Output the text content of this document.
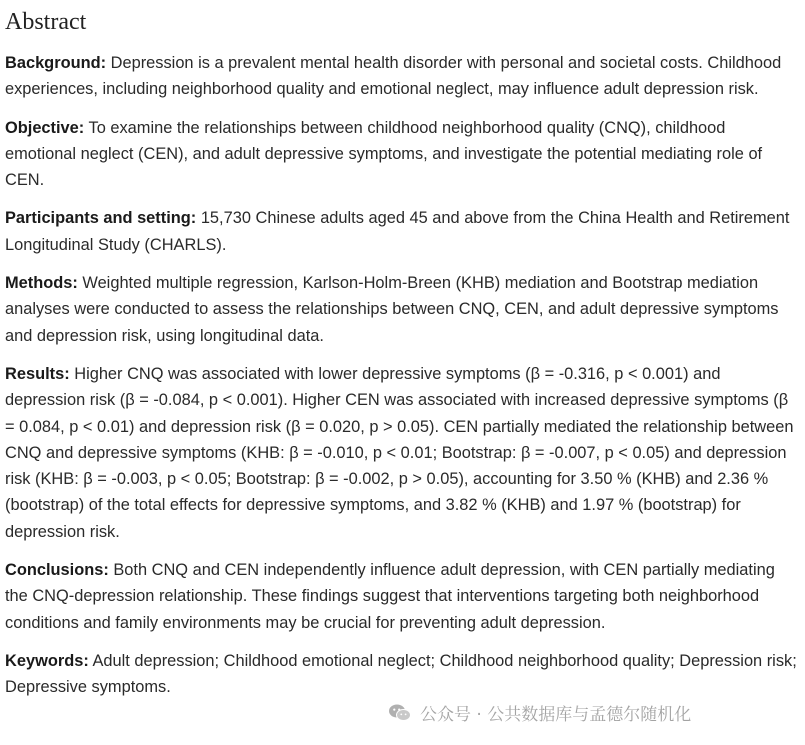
Abstract

Background: Depression is a prevalent mental health disorder with personal and societal costs. Childhood experiences, including neighborhood quality and emotional neglect, may influence adult depression risk.

Objective: To examine the relationships between childhood neighborhood quality (CNQ), childhood emotional neglect (CEN), and adult depressive symptoms, and investigate the potential mediating role of CEN.

Participants and setting: 15,730 Chinese adults aged 45 and above from the China Health and Retirement Longitudinal Study (CHARLS).

Methods: Weighted multiple regression, Karlson-Holm-Breen (KHB) mediation and Bootstrap mediation analyses were conducted to assess the relationships between CNQ, CEN, and adult depressive symptoms and depression risk, using longitudinal data.

Results: Higher CNQ was associated with lower depressive symptoms (β = -0.316, p < 0.001) and depression risk (β = -0.084, p < 0.001). Higher CEN was associated with increased depressive symptoms (β = 0.084, p < 0.01) and depression risk (β = 0.020, p > 0.05). CEN partially mediated the relationship between CNQ and depressive symptoms (KHB: β = -0.010, p < 0.01; Bootstrap: β = -0.007, p < 0.05) and depression risk (KHB: β = -0.003, p < 0.05; Bootstrap: β = -0.002, p > 0.05), accounting for 3.50 % (KHB) and 2.36 % (bootstrap) of the total effects for depressive symptoms, and 3.82 % (KHB) and 1.97 % (bootstrap) for depression risk.

Conclusions: Both CNQ and CEN independently influence adult depression, with CEN partially mediating the CNQ-depression relationship. These findings suggest that interventions targeting both neighborhood conditions and family environments may be crucial for preventing adult depression.

Keywords: Adult depression; Childhood emotional neglect; Childhood neighborhood quality; Depression risk; Depressive symptoms.

公众号 · 公共数据库与孟德尔随机化
